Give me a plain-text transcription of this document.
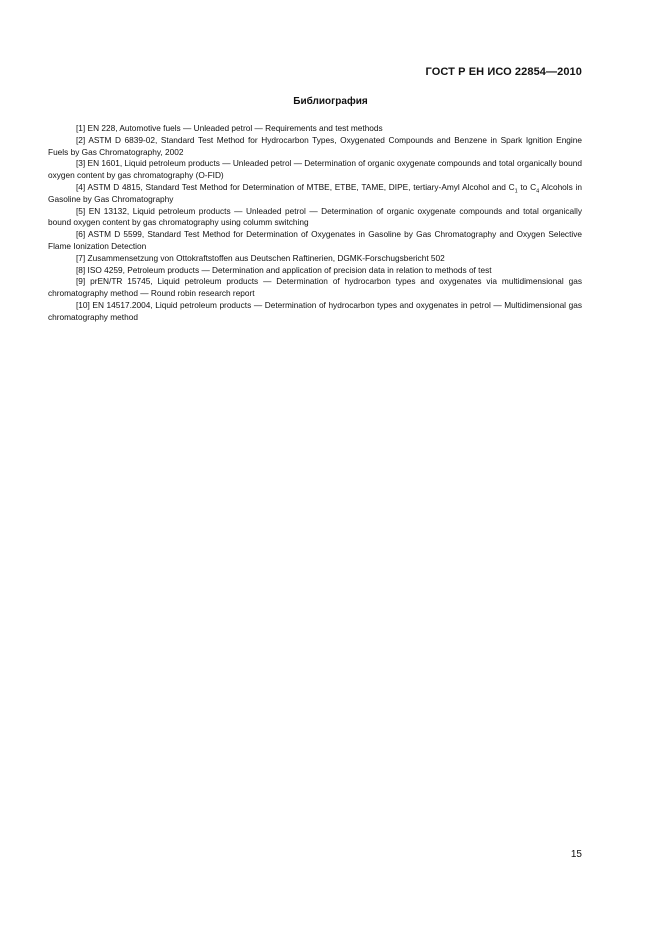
ГОСТ Р ЕН ИСО 22854—2010
Библиография

[1] EN 228, Automotive fuels — Unleaded petrol — Requirements and test methods

[2] ASTM D 6839-02, Standard Test Method for Hydrocarbon Types, Oxygenated Compounds and Benzene in Spark Ignition Engine Fuels by Gas Chromatography, 2002

[3] EN 1601, Liquid petroleum products — Unleaded petrol — Determination of organic oxygenate compounds and total organically bound oxygen content by gas chromatography (O-FID)

[4] ASTM D 4815, Standard Test Method for Determination of MTBE, ETBE, TAME, DIPE, tertiary-Amyl Alcohol and $C_1$ to $C_4$ Alcohols in Gasoline by Gas Chromatography

[5] EN 13132, Liquid petroleum products — Unleaded petrol — Determination of organic oxygenate compounds and total organically bound oxygen content by gas chromatography using columm switching

[6] ASTM D 5599, Standard Test Method for Determination of Oxygenates in Gasoline by Gas Chromatography and Oxygen Selective Flame Ionization Detection

[7] Zusammensetzung von Ottokraftstoffen aus Deutschen Raftinerien, DGMK-Forschugsbericht 502

[8] ISO 4259, Petroleum products — Determination and application of precision data in relation to methods of test

[9] prEN/TR 15745, Liquid petroleum products — Determination of hydrocarbon types and oxygenates via multidimensional gas chromatography method — Round robin research report

[10] EN 14517.2004, Liquid petroleum products — Determination of hydrocarbon types and oxygenates in petrol — Multidimensional gas chromatography method

15
